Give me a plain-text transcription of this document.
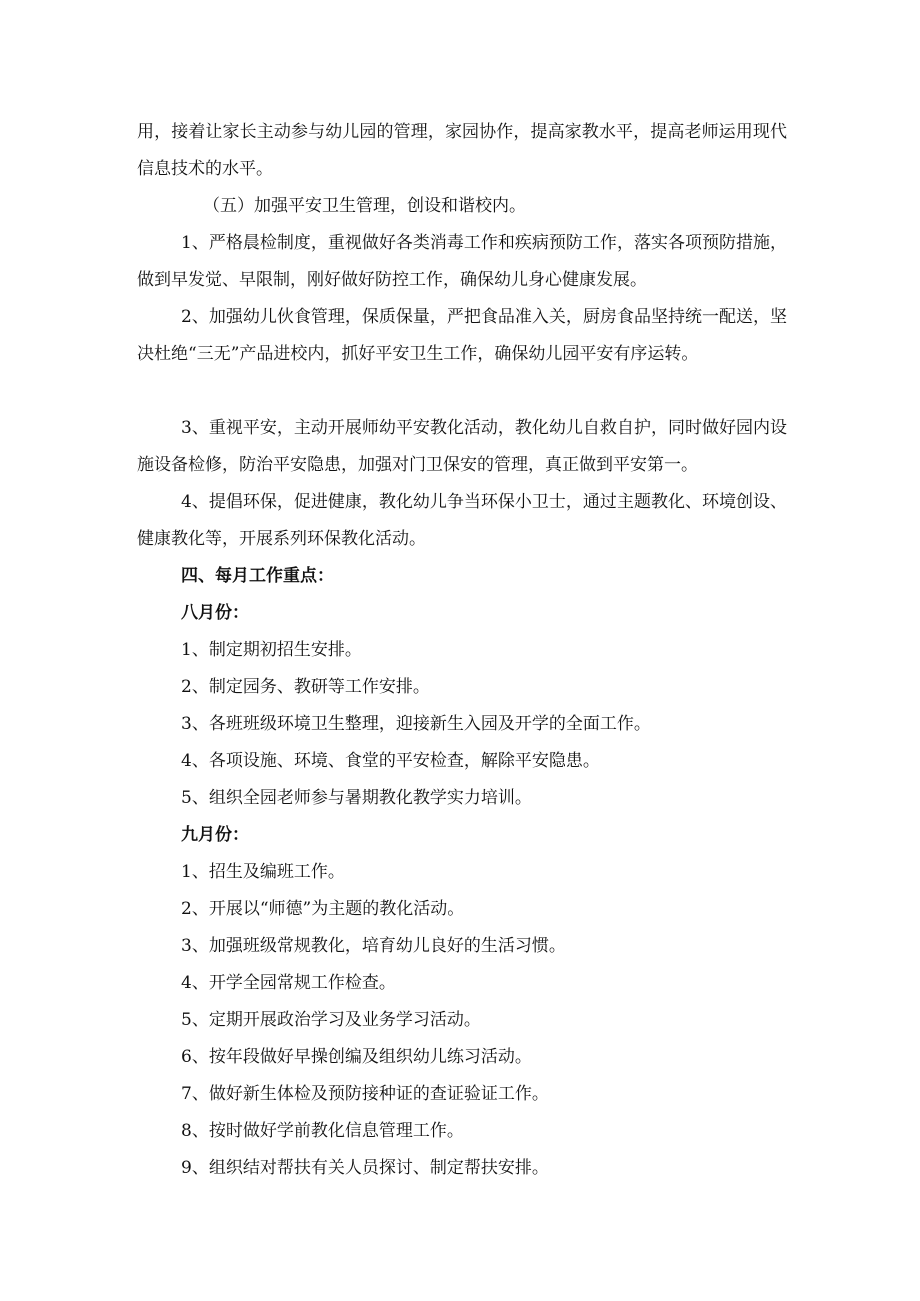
用，接着让家长主动参与幼儿园的管理，家园协作，提高家教水平，提高老师运用现代信息技术的水平。

（五）加强平安卫生管理，创设和谐校内。

1、严格晨检制度，重视做好各类消毒工作和疾病预防工作，落实各项预防措施，做到早发觉、早限制，刚好做好防控工作，确保幼儿身心健康发展。

2、加强幼儿伙食管理，保质保量，严把食品准入关，厨房食品坚持统一配送，坚决杜绝“三无”产品进校内，抓好平安卫生工作，确保幼儿园平安有序运转。

3、重视平安，主动开展师幼平安教化活动，教化幼儿自救自护，同时做好园内设施设备检修，防治平安隐患，加强对门卫保安的管理，真正做到平安第一。

4、提倡环保，促进健康，教化幼儿争当环保小卫士，通过主题教化、环境创设、健康教化等，开展系列环保教化活动。

四、每月工作重点：

八月份：

1、制定期初招生安排。

2、制定园务、教研等工作安排。

3、各班班级环境卫生整理，迎接新生入园及开学的全面工作。

4、各项设施、环境、食堂的平安检查，解除平安隐患。

5、组织全园老师参与暑期教化教学实力培训。

九月份：

1、招生及编班工作。

2、开展以“师德”为主题的教化活动。

3、加强班级常规教化，培育幼儿良好的生活习惯。

4、开学全园常规工作检查。

5、定期开展政治学习及业务学习活动。

6、按年段做好早操创编及组织幼儿练习活动。

7、做好新生体检及预防接种证的查证验证工作。

8、按时做好学前教化信息管理工作。

9、组织结对帮扶有关人员探讨、制定帮扶安排。
